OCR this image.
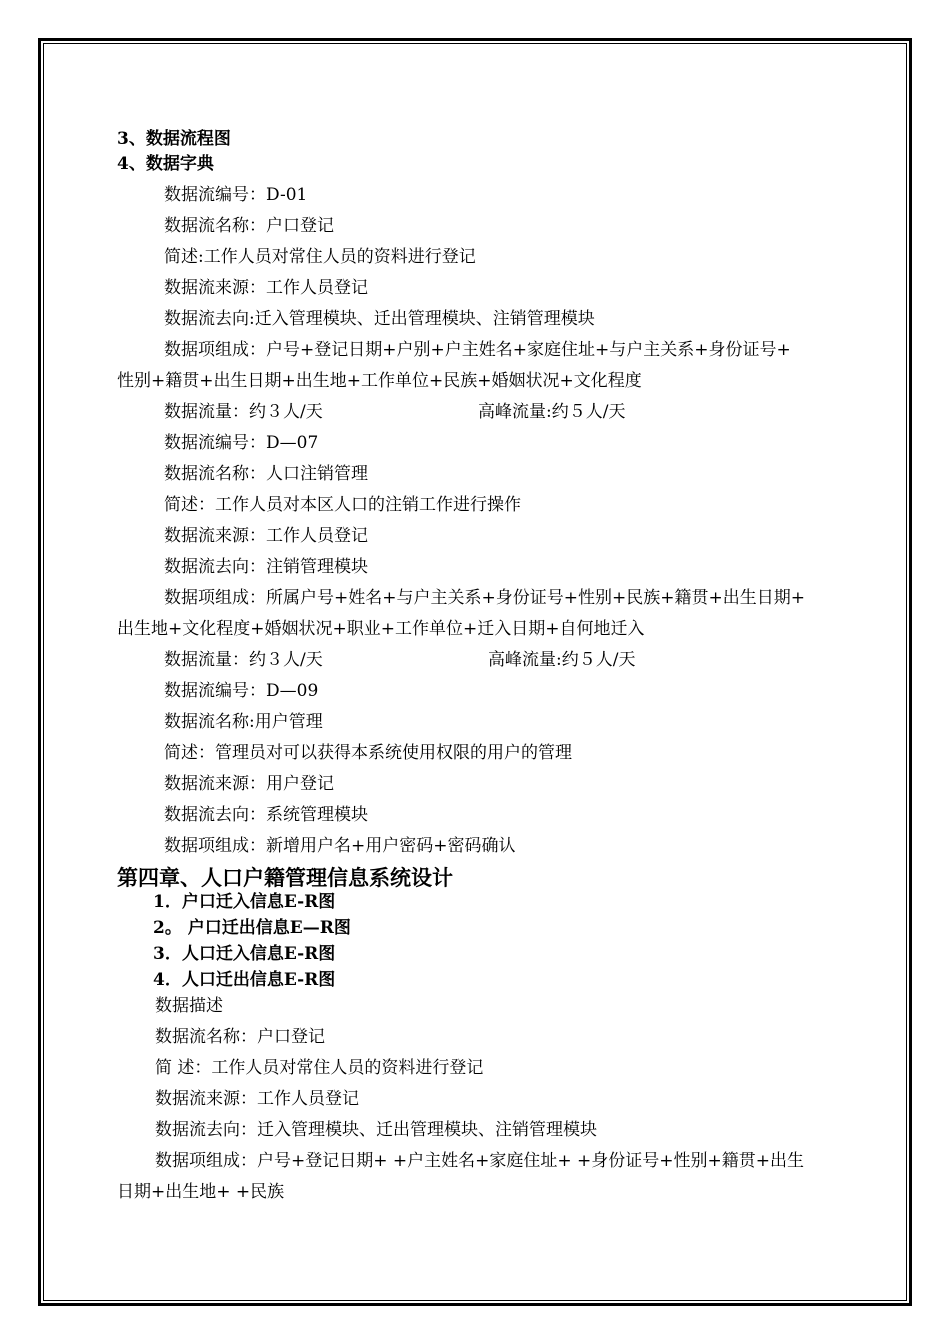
3、数据流程图
4、数据字典
数据流编号：D-01
数据流名称：户口登记
简述:工作人员对常住人员的资料进行登记
数据流来源：工作人员登记
数据流去向:迁入管理模块、迁出管理模块、注销管理模块
数据项组成：户号+登记日期+户别+户主姓名+家庭住址+与户主关系+身份证号+
性别+籍贯+出生日期+出生地+工作单位+民族+婚姻状况+文化程度
数据流量：约３人/天	高峰流量:约５人/天
数据流编号：D—07
数据流名称：人口注销管理
简述：工作人员对本区人口的注销工作进行操作
数据流来源：工作人员登记
数据流去向：注销管理模块
数据项组成：所属户号+姓名+与户主关系+身份证号+性别+民族+籍贯+出生日期+
出生地+文化程度+婚姻状况+职业+工作单位+迁入日期+自何地迁入
数据流量：约３人/天	高峰流量:约５人/天
数据流编号：D—09
数据流名称:用户管理
简述：管理员对可以获得本系统使用权限的用户的管理
数据流来源：用户登记
数据流去向：系统管理模块
数据项组成：新增用户名+用户密码+密码确认
第四章、人口户籍管理信息系统设计
1．户口迁入信息E-R图
2。 户口迁出信息E—R图
3．人口迁入信息E-R图
4．人口迁出信息E-R图
数据描述
数据流名称：户口登记
简 述：工作人员对常住人员的资料进行登记
数据流来源：工作人员登记
数据流去向：迁入管理模块、迁出管理模块、注销管理模块
数据项组成：户号+登记日期+ +户主姓名+家庭住址+ +身份证号+性别+籍贯+出生
日期+出生地+ +民族
